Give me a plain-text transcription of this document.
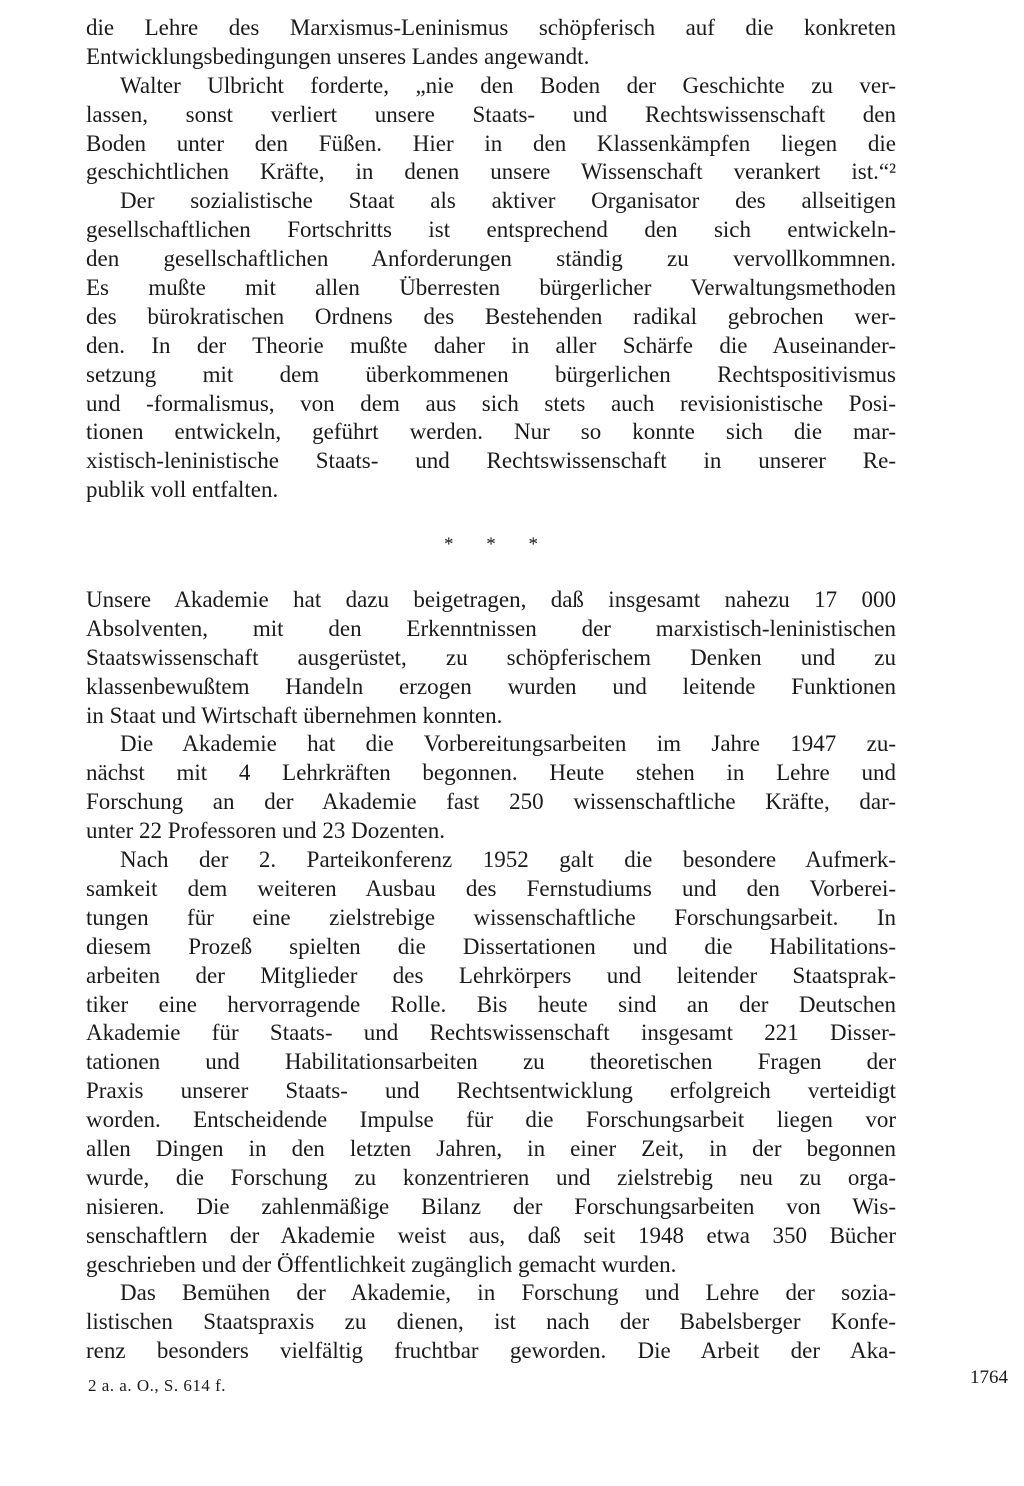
die Lehre des Marxismus-Leninismus schöpferisch auf die konkreten
Entwicklungsbedingungen unseres Landes angewandt.
Walter Ulbricht forderte, „nie den Boden der Geschichte zu ver-
lassen, sonst verliert unsere Staats- und Rechtswissenschaft den
Boden unter den Füßen. Hier in den Klassenkämpfen liegen die
geschichtlichen Kräfte, in denen unsere Wissenschaft verankert ist.“²
Der sozialistische Staat als aktiver Organisator des allseitigen
gesellschaftlichen Fortschritts ist entsprechend den sich entwickeln-
den gesellschaftlichen Anforderungen ständig zu vervollkommnen.
Es mußte mit allen Überresten bürgerlicher Verwaltungsmethoden
des bürokratischen Ordnens des Bestehenden radikal gebrochen wer-
den. In der Theorie mußte daher in aller Schärfe die Auseinander-
setzung mit dem überkommenen bürgerlichen Rechtspositivismus
und -formalismus, von dem aus sich stets auch revisionistische Posi-
tionen entwickeln, geführt werden. Nur so konnte sich die mar-
xistisch-leninistische Staats- und Rechtswissenschaft in unserer Re-
publik voll entfalten.
* * *
Unsere Akademie hat dazu beigetragen, daß insgesamt nahezu 17 000
Absolventen, mit den Erkenntnissen der marxistisch-leninistischen
Staatswissenschaft ausgerüstet, zu schöpferischem Denken und zu
klassenbewußtem Handeln erzogen wurden und leitende Funktionen
in Staat und Wirtschaft übernehmen konnten.
Die Akademie hat die Vorbereitungsarbeiten im Jahre 1947 zu-
nächst mit 4 Lehrkräften begonnen. Heute stehen in Lehre und
Forschung an der Akademie fast 250 wissenschaftliche Kräfte, dar-
unter 22 Professoren und 23 Dozenten.
Nach der 2. Parteikonferenz 1952 galt die besondere Aufmerk-
samkeit dem weiteren Ausbau des Fernstudiums und den Vorberei-
tungen für eine zielstrebige wissenschaftliche Forschungsarbeit. In
diesem Prozeß spielten die Dissertationen und die Habilitations-
arbeiten der Mitglieder des Lehrkörpers und leitender Staatsprak-
tiker eine hervorragende Rolle. Bis heute sind an der Deutschen
Akademie für Staats- und Rechtswissenschaft insgesamt 221 Disser-
tationen und Habilitationsarbeiten zu theoretischen Fragen der
Praxis unserer Staats- und Rechtsentwicklung erfolgreich verteidigt
worden. Entscheidende Impulse für die Forschungsarbeit liegen vor
allen Dingen in den letzten Jahren, in einer Zeit, in der begonnen
wurde, die Forschung zu konzentrieren und zielstrebig neu zu orga-
nisieren. Die zahlenmäßige Bilanz der Forschungsarbeiten von Wis-
senschaftlern der Akademie weist aus, daß seit 1948 etwa 350 Bücher
geschrieben und der Öffentlichkeit zugänglich gemacht wurden.
Das Bemühen der Akademie, in Forschung und Lehre der sozia-
listischen Staatspraxis zu dienen, ist nach der Babelsberger Konfe-
renz besonders vielfältig fruchtbar geworden. Die Arbeit der Aka-
2 a. a. O., S. 614 f.	1764
